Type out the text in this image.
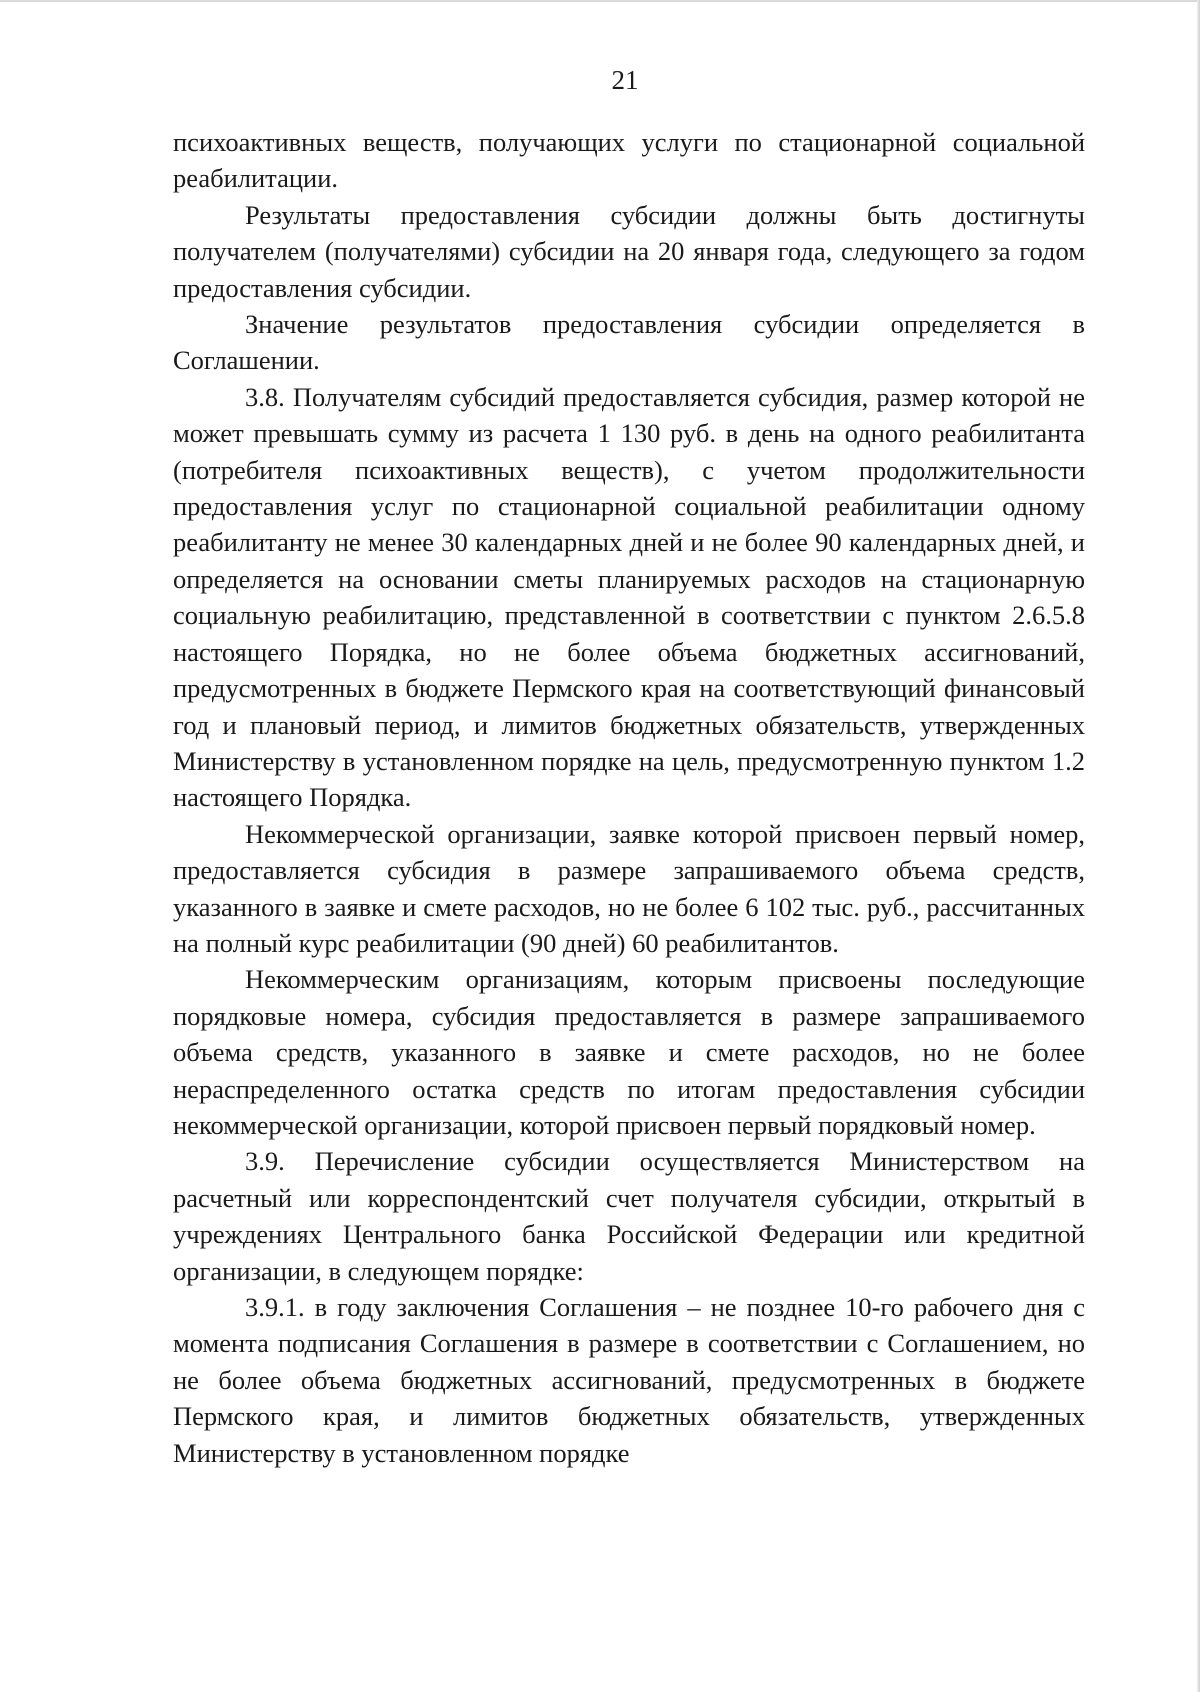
21

психоактивных веществ, получающих услуги по стационарной социальной реабилитации.

Результаты предоставления субсидии должны быть достигнуты получателем (получателями) субсидии на 20 января года, следующего за годом предоставления субсидии.

Значение результатов предоставления субсидии определяется в Соглашении.

3.8. Получателям субсидий предоставляется субсидия, размер которой не может превышать сумму из расчета 1 130 руб. в день на одного реабилитанта (потребителя психоактивных веществ), с учетом продолжительности предоставления услуг по стационарной социальной реабилитации одному реабилитанту не менее 30 календарных дней и не более 90 календарных дней, и определяется на основании сметы планируемых расходов на стационарную социальную реабилитацию, представленной в соответствии с пунктом 2.6.5.8 настоящего Порядка, но не более объема бюджетных ассигнований, предусмотренных в бюджете Пермского края на соответствующий финансовый год и плановый период, и лимитов бюджетных обязательств, утвержденных Министерству в установленном порядке на цель, предусмотренную пунктом 1.2 настоящего Порядка.

Некоммерческой организации, заявке которой присвоен первый номер, предоставляется субсидия в размере запрашиваемого объема средств, указанного в заявке и смете расходов, но не более 6 102 тыс. руб., рассчитанных на полный курс реабилитации (90 дней) 60 реабилитантов.

Некоммерческим организациям, которым присвоены последующие порядковые номера, субсидия предоставляется в размере запрашиваемого объема средств, указанного в заявке и смете расходов, но не более нераспределенного остатка средств по итогам предоставления субсидии некоммерческой организации, которой присвоен первый порядковый номер.

3.9. Перечисление субсидии осуществляется Министерством на расчетный или корреспондентский счет получателя субсидии, открытый в учреждениях Центрального банка Российской Федерации или кредитной организации, в следующем порядке:

3.9.1. в году заключения Соглашения – не позднее 10-го рабочего дня с момента подписания Соглашения в размере в соответствии с Соглашением, но не более объема бюджетных ассигнований, предусмотренных в бюджете Пермского края, и лимитов бюджетных обязательств, утвержденных Министерству в установленном порядке
